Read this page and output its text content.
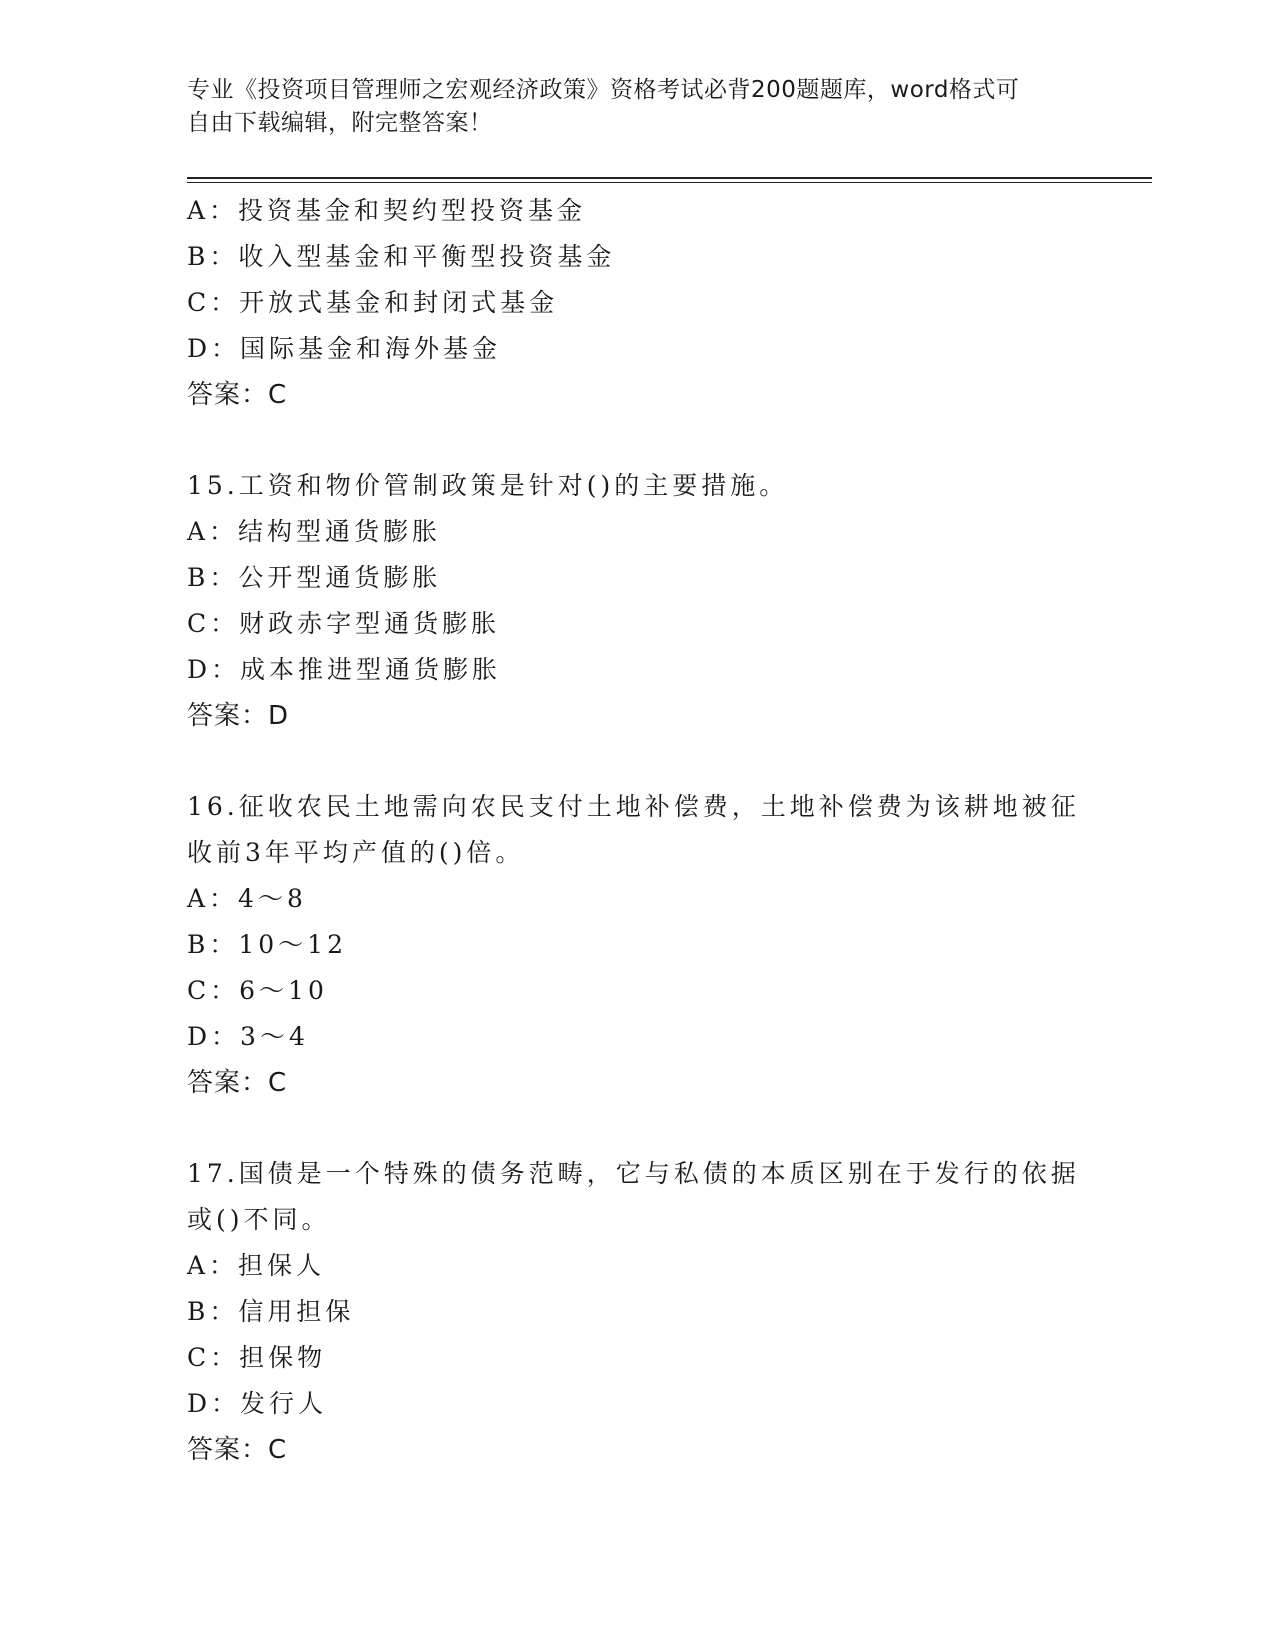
专业《投资项目管理师之宏观经济政策》资格考试必背200题题库，word格式可
自由下载编辑，附完整答案！
A：投资基金和契约型投资基金
B：收入型基金和平衡型投资基金
C：开放式基金和封闭式基金
D：国际基金和海外基金
答案：C
15.工资和物价管制政策是针对()的主要措施。
A：结构型通货膨胀
B：公开型通货膨胀
C：财政赤字型通货膨胀
D：成本推进型通货膨胀
答案：D
16.征收农民土地需向农民支付土地补偿费，土地补偿费为该耕地被征
收前3年平均产值的()倍。
A：4～8
B：10～12
C：6～10
D：3～4
答案：C
17.国债是一个特殊的债务范畴，它与私债的本质区别在于发行的依据
或()不同。
A：担保人
B：信用担保
C：担保物
D：发行人
答案：C
